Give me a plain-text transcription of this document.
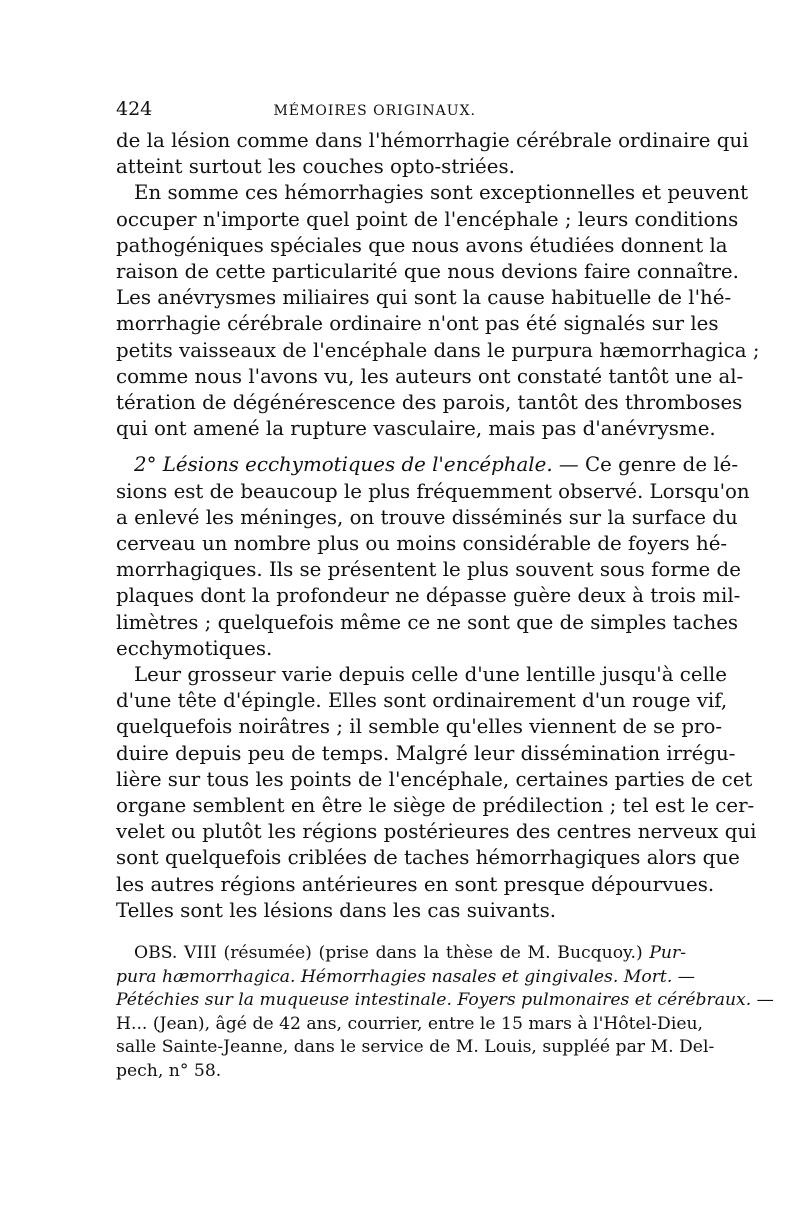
424	MÉMOIRES ORIGINAUX.
de la lésion comme dans l'hémorrhagie cérébrale ordinaire qui
atteint surtout les couches opto-striées.
En somme ces hémorrhagies sont exceptionnelles et peuvent
occuper n'importe quel point de l'encéphale ; leurs conditions
pathogéniques spéciales que nous avons étudiées donnent la
raison de cette particularité que nous devions faire connaître.
Les anévrysmes miliaires qui sont la cause habituelle de l'hé-
morrhagie cérébrale ordinaire n'ont pas été signalés sur les
petits vaisseaux de l'encéphale dans le purpura hæmorrhagica ;
comme nous l'avons vu, les auteurs ont constaté tantôt une al-
tération de dégénérescence des parois, tantôt des thromboses
qui ont amené la rupture vasculaire, mais pas d'anévrysme.
2° Lésions ecchymotiques de l'encéphale. — Ce genre de lé-
sions est de beaucoup le plus fréquemment observé. Lorsqu'on
a enlevé les méninges, on trouve disséminés sur la surface du
cerveau un nombre plus ou moins considérable de foyers hé-
morrhagiques. Ils se présentent le plus souvent sous forme de
plaques dont la profondeur ne dépasse guère deux à trois mil-
limètres ; quelquefois même ce ne sont que de simples taches
ecchymotiques.
Leur grosseur varie depuis celle d'une lentille jusqu'à celle
d'une tête d'épingle. Elles sont ordinairement d'un rouge vif,
quelquefois noirâtres ; il semble qu'elles viennent de se pro-
duire depuis peu de temps. Malgré leur dissémination irrégu-
lière sur tous les points de l'encéphale, certaines parties de cet
organe semblent en être le siège de prédilection ; tel est le cer-
velet ou plutôt les régions postérieures des centres nerveux qui
sont quelquefois criblées de taches hémorrhagiques alors que
les autres régions antérieures en sont presque dépourvues.
Telles sont les lésions dans les cas suivants.
OBS. VIII (résumée) (prise dans la thèse de M. Bucquoy.) Pur-
pura hæmorrhagica. Hémorrhagies nasales et gingivales. Mort. —
Pétéchies sur la muqueuse intestinale. Foyers pulmonaires et cérébraux. —
H... (Jean), âgé de 42 ans, courrier, entre le 15 mars à l'Hôtel-Dieu,
salle Sainte-Jeanne, dans le service de M. Louis, suppléé par M. Del-
pech, n° 58.
